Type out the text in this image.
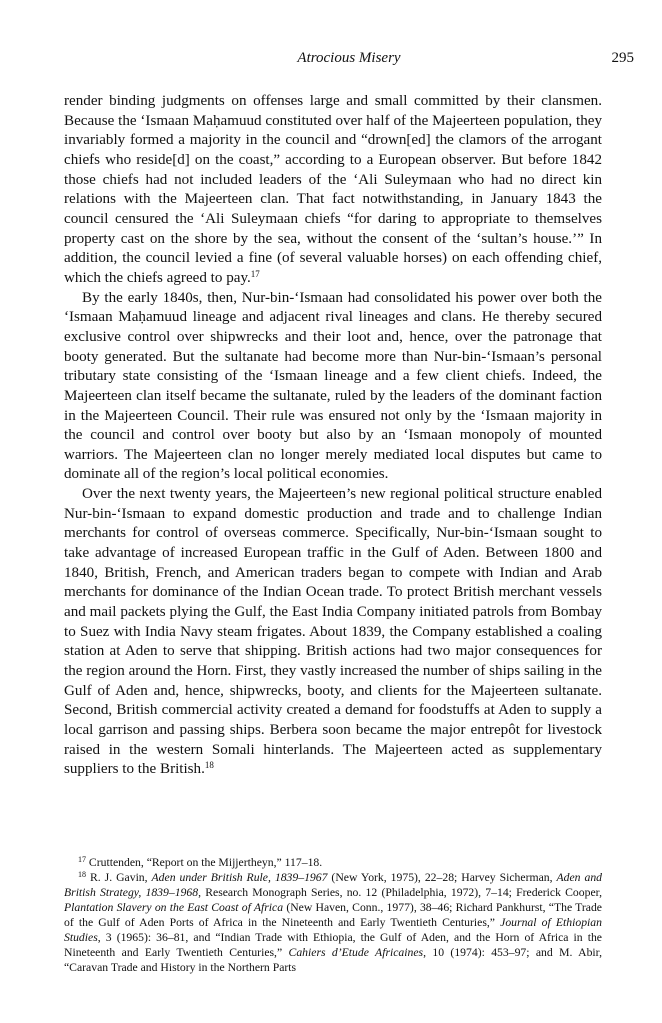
Atrocious Misery	295

render binding judgments on offenses large and small committed by their clansmen. Because the ‘Ismaan Maḥamuud constituted over half of the Majeerteen population, they invariably formed a majority in the council and “drown[ed] the clamors of the arrogant chiefs who reside[d] on the coast,” according to a European observer. But before 1842 those chiefs had not included leaders of the ‘Ali Suleymaan who had no direct kin relations with the Majeerteen clan. That fact notwithstanding, in January 1843 the council censured the ‘Ali Suleymaan chiefs “for daring to appropriate to themselves property cast on the shore by the sea, without the consent of the ‘sultan’s house.’” In addition, the council levied a fine (of several valuable horses) on each offending chief, which the chiefs agreed to pay.$^{17}$

By the early 1840s, then, Nur-bin-‘Ismaan had consolidated his power over both the ‘Ismaan Maḥamuud lineage and adjacent rival lineages and clans. He thereby secured exclusive control over shipwrecks and their loot and, hence, over the patronage that booty generated. But the sultanate had become more than Nur-bin-‘Ismaan’s personal tributary state consisting of the ‘Ismaan lineage and a few client chiefs. Indeed, the Majeerteen clan itself became the sultanate, ruled by the leaders of the dominant faction in the Majeerteen Council. Their rule was ensured not only by the ‘Ismaan majority in the council and control over booty but also by an ‘Ismaan monopoly of mounted warriors. The Majeerteen clan no longer merely mediated local disputes but came to dominate all of the region’s local political economies.

Over the next twenty years, the Majeerteen’s new regional political structure enabled Nur-bin-‘Ismaan to expand domestic production and trade and to challenge Indian merchants for control of overseas commerce. Specifically, Nur-bin-‘Ismaan sought to take advantage of increased European traffic in the Gulf of Aden. Between 1800 and 1840, British, French, and American traders began to compete with Indian and Arab merchants for dominance of the Indian Ocean trade. To protect British merchant vessels and mail packets plying the Gulf, the East India Company initiated patrols from Bombay to Suez with India Navy steam frigates. About 1839, the Company established a coaling station at Aden to serve that shipping. British actions had two major consequences for the region around the Horn. First, they vastly increased the number of ships sailing in the Gulf of Aden and, hence, shipwrecks, booty, and clients for the Majeerteen sultanate. Second, British commercial activity created a demand for foodstuffs at Aden to supply a local garrison and passing ships. Berbera soon became the major entrepôt for livestock raised in the western Somali hinterlands. The Majeerteen acted as supplementary suppliers to the British.$^{18}$

$^{17}$ Cruttenden, “Report on the Mijjertheyn,” 117–18.

$^{18}$ R. J. Gavin, Aden under British Rule, 1839–1967 (New York, 1975), 22–28; Harvey Sicherman, Aden and British Strategy, 1839–1968, Research Monograph Series, no. 12 (Philadelphia, 1972), 7–14; Frederick Cooper, Plantation Slavery on the East Coast of Africa (New Haven, Conn., 1977), 38–46; Richard Pankhurst, “The Trade of the Gulf of Aden Ports of Africa in the Nineteenth and Early Twentieth Centuries,” Journal of Ethiopian Studies, 3 (1965): 36–81, and “Indian Trade with Ethiopia, the Gulf of Aden, and the Horn of Africa in the Nineteenth and Early Twentieth Centuries,” Cahiers d’Etude Africaines, 10 (1974): 453–97; and M. Abir, “Caravan Trade and History in the Northern Parts
